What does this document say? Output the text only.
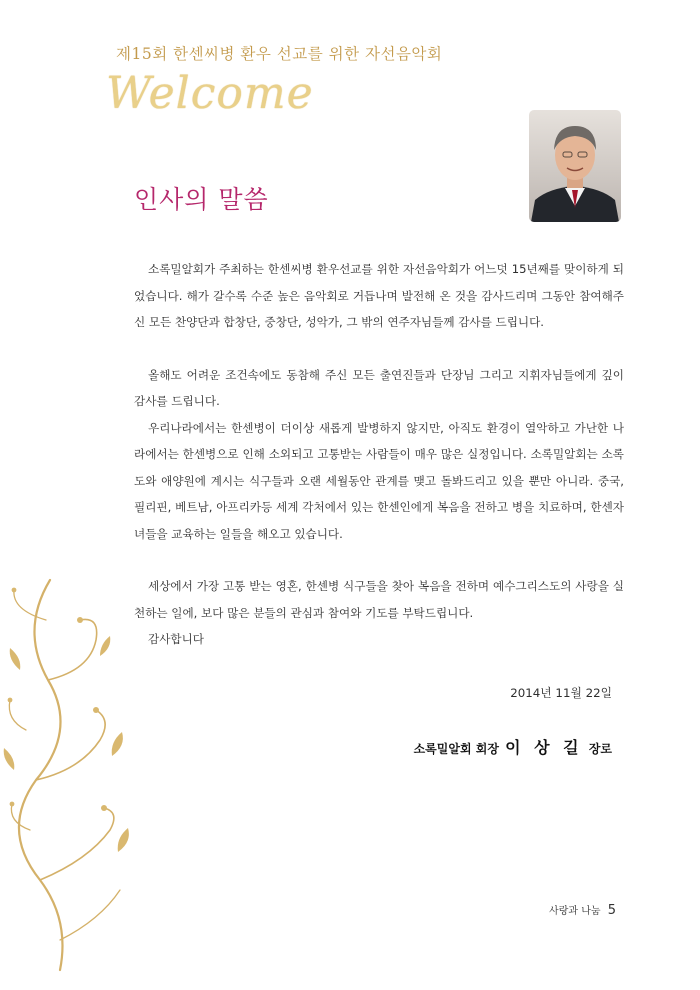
제15회 한센씨병 환우 선교를 위한 자선음악회
Welcome
인사의 말씀

소록밀알회가 주최하는 한센씨병 환우선교를 위한 자선음악회가 어느덧 15년째를 맞이하게 되었습니다. 해가 갈수록 수준 높은 음악회로 거듭나며 발전해 온 것을 감사드리며 그동안 참여해주신 모든 찬양단과 합창단, 중창단, 성악가, 그 밖의 연주자님들께 감사를 드립니다.

올해도 어려운 조건속에도 동참해 주신 모든 출연진들과 단장님 그리고 지휘자님들에게 깊이 감사를 드립니다.

우리나라에서는 한센병이 더이상 새롭게 발병하지 않지만, 아직도 환경이 열악하고 가난한 나라에서는 한센병으로 인해 소외되고 고통받는 사람들이 매우 많은 실정입니다. 소록밀알회는 소록도와 애양원에 계시는 식구들과 오랜 세월동안 관계를 맺고 돌봐드리고 있을 뿐만 아니라. 중국, 필리핀, 베트남, 아프리카등 세계 각처에서 있는 한센인에게 복음을 전하고 병을 치료하며, 한센자녀들을 교육하는 일들을 해오고 있습니다.

세상에서 가장 고통 받는 영혼, 한센병 식구들을 찾아 복음을 전하며 예수그리스도의 사랑을 실천하는 일에, 보다 많은 분들의 관심과 참여와 기도를 부탁드립니다.

감사합니다

2014년 11월 22일
소록밀알회 회장 이 상 길 장로
사랑과 나눔 5
